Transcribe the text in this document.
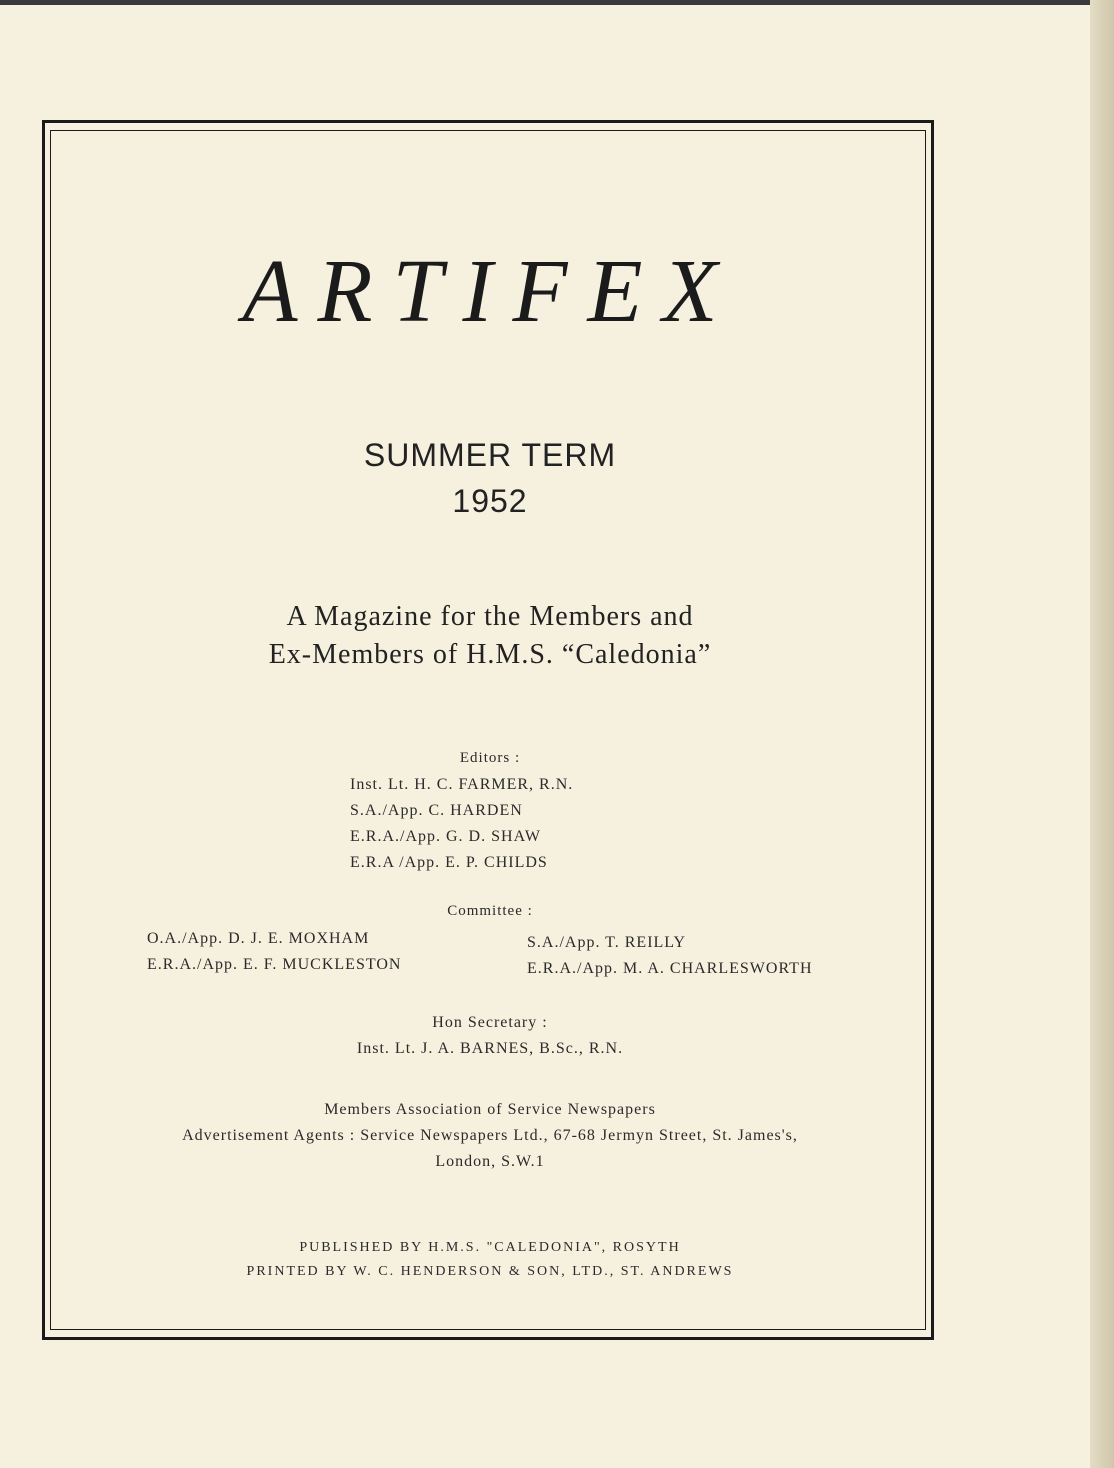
ARTIFEX
SUMMER TERM
1952
A Magazine for the Members and
Ex-Members of H.M.S. “Caledonia”
Editors :
Inst. Lt. H. C. FARMER, R.N.
S.A./App. C. HARDEN
E.R.A./App. G. D. SHAW
E.R.A /App. E. P. CHILDS
Committee :
O.A./App. D. J. E. MOXHAM
E.R.A./App. E. F. MUCKLESTON
S.A./App. T. REILLY
E.R.A./App. M. A. CHARLESWORTH
Hon Secretary :
Inst. Lt. J. A. BARNES, B.Sc., R.N.
Members Association of Service Newspapers
Advertisement Agents : Service Newspapers Ltd., 67-68 Jermyn Street, St. James's,
London, S.W.1
PUBLISHED BY H.M.S. "CALEDONIA", ROSYTH
PRINTED BY W. C. HENDERSON & SON, LTD., ST. ANDREWS
